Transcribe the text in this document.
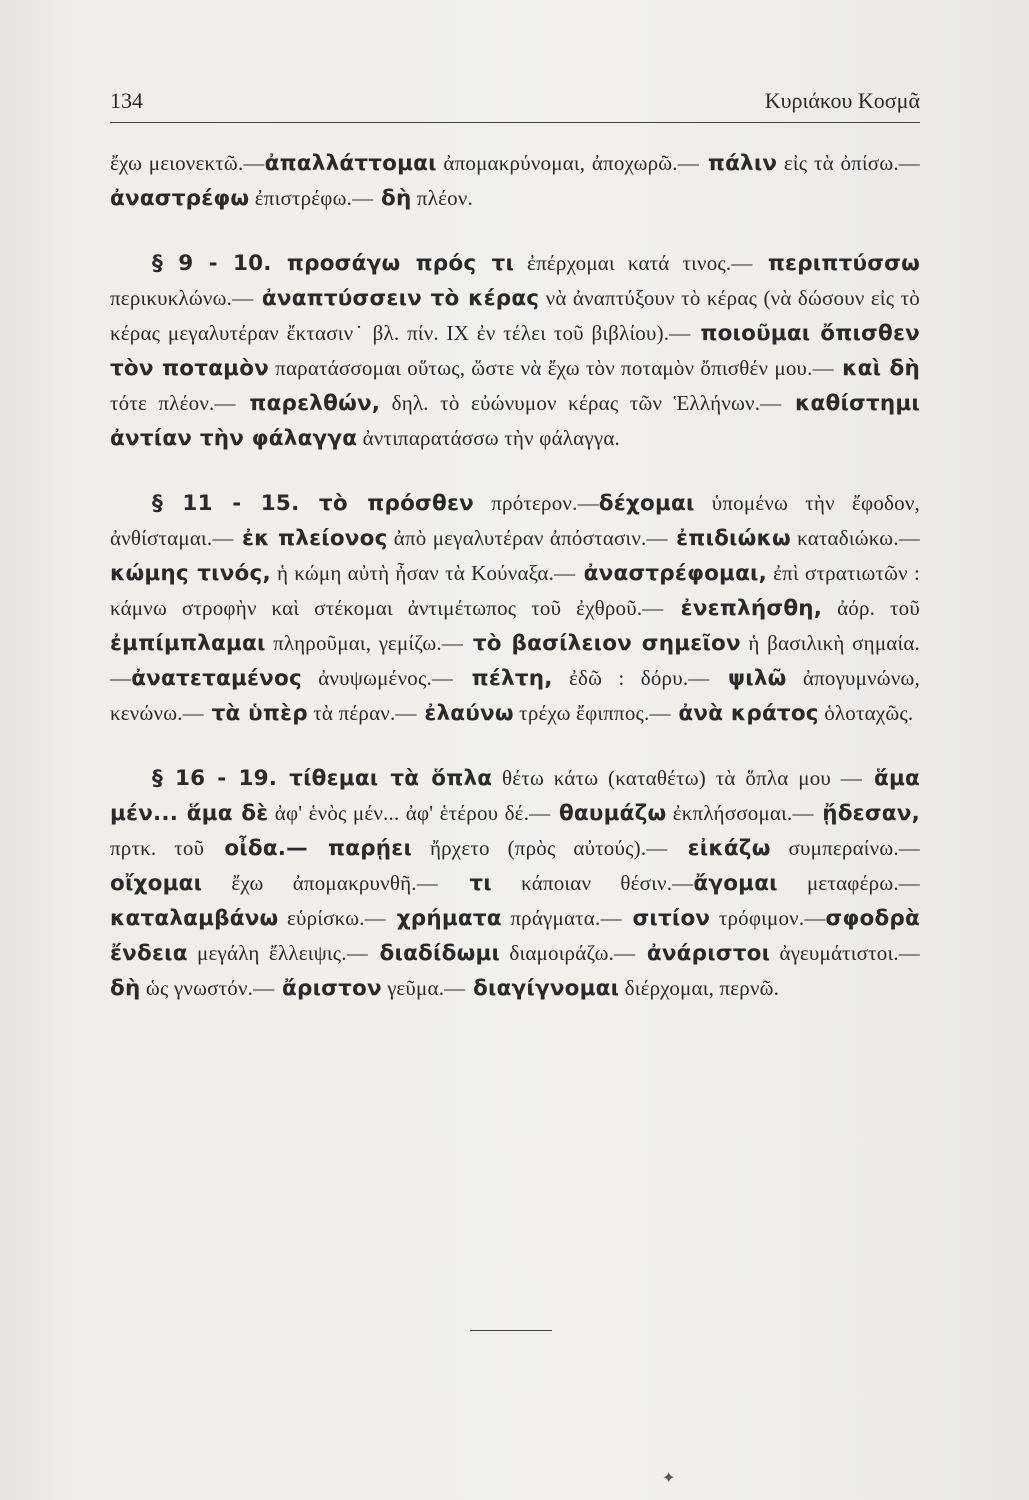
134	Κυριάκου Κοσμᾶ

ἔχω μειονεκτῶ.—ἀπαλλάττομαι ἀπομακρύνομαι, ἀποχωρῶ.— πάλιν εἰς τὰ ὀπίσω.— ἀναστρέφω ἐπιστρέφω.— δὴ πλέον.

§ 9 - 10. προσάγω πρός τι ἐπέρχομαι κατά τινος.— περιπτύσσω περικυκλώνω.— ἀναπτύσσειν τὸ κέρας νὰ ἀναπτύξουν τὸ κέρας (νὰ δώσουν εἰς τὸ κέρας μεγαλυτέραν ἔκτασιν˙ βλ. πίν. IX ἐν τέλει τοῦ βιβλίου).— ποιοῦμαι ὄπισθεν τὸν ποταμὸν παρατάσσομαι οὕτως, ὥστε νὰ ἔχω τὸν ποταμὸν ὄπισθέν μου.— καὶ δὴ τότε πλέον.— παρελθών, δηλ. τὸ εὐώνυμον κέρας τῶν Ἑλλήνων.— καθίστημι ἀντίαν τὴν φάλαγγα ἀντιπαρατάσσω τὴν φάλαγγα.

§ 11 - 15. τὸ πρόσθεν πρότερον.—δέχομαι ὑπομένω τὴν ἔφοδον, ἀνθίσταμαι.— ἐκ πλείονος ἀπὸ μεγαλυτέραν ἀπόστασιν.— ἐπιδιώκω καταδιώκω.— κώμης τινός, ἡ κώμη αὐτὴ ἦσαν τὰ Κούναξα.— ἀναστρέφομαι, ἐπὶ στρατιωτῶν : κάμνω στροφὴν καὶ στέκομαι ἀντιμέτωπος τοῦ ἐχθροῦ.— ἐνεπλήσθη, ἀόρ. τοῦ ἐμπίμπλαμαι πληροῦμαι, γεμίζω.— τὸ βασίλειον σημεῖον ἡ βασιλικὴ σημαία.—ἀνατεταμένος ἀνυψωμένος.— πέλτη, ἐδῶ : δόρυ.— ψιλῶ ἀπογυμνώνω, κενώνω.— τὰ ὑπὲρ τὰ πέραν.— ἐλαύνω τρέχω ἔφιππος.— ἀνὰ κράτος ὁλοταχῶς.

§ 16 - 19. τίθεμαι τὰ ὅπλα θέτω κάτω (καταθέτω) τὰ ὅπλα μου — ἅμα μέν... ἅμα δὲ ἀφ' ἑνὸς μέν... ἀφ' ἑτέρου δέ.— θαυμάζω ἐκπλήσσομαι.— ᾔδεσαν, πρτκ. τοῦ οἶδα.— παρῄει ἤρχετο (πρὸς αὐτούς).— εἰκάζω συμπεραίνω.— οἴχομαι ἔχω ἀπομακρυνθῆ.— τι κάποιαν θέσιν.—ἄγομαι μεταφέρω.— καταλαμβάνω εὑρίσκω.— χρήματα πράγματα.— σιτίον τρόφιμον.—σφοδρὰ ἔνδεια μεγάλη ἔλλειψις.— διαδίδωμι διαμοιράζω.— ἀνάριστοι ἀγευμάτιστοι.— δὴ ὡς γνωστόν.— ἄριστον γεῦμα.— διαγίγνομαι διέρχομαι, περνῶ.

✦
